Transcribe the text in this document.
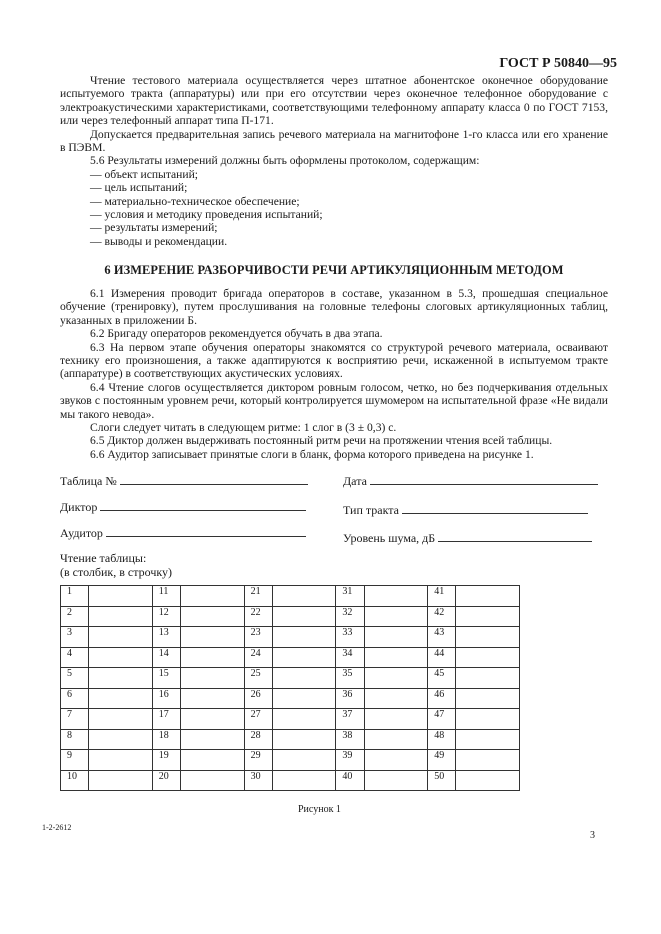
ГОСТ Р 50840—95

Чтение тестового материала осуществляется через штатное абонентское оконечное оборудование испытуемого тракта (аппаратуры) или при его отсутствии через оконечное телефонное оборудование с электроакустическими характеристиками, соответствующими телефонному аппарату класса 0 по ГОСТ 7153, или через телефонный аппарат типа П-171.

Допускается предварительная запись речевого материала на магнитофоне 1-го класса или его хранение в ПЭВМ.

5.6 Результаты измерений должны быть оформлены протоколом, содержащим:

— объект испытаний;

— цель испытаний;

— материально-техническое обеспечение;

— условия и методику проведения испытаний;

— результаты измерений;

— выводы и рекомендации.

6 ИЗМЕРЕНИЕ РАЗБОРЧИВОСТИ РЕЧИ АРТИКУЛЯЦИОННЫМ МЕТОДОМ

6.1 Измерения проводит бригада операторов в составе, указанном в 5.3, прошедшая специальное обучение (тренировку), путем прослушивания на головные телефоны слоговых артикуляционных таблиц, указанных в приложении Б.

6.2 Бригаду операторов рекомендуется обучать в два этапа.

6.3 На первом этапе обучения операторы знакомятся со структурой речевого материала, осваивают технику его произношения, а также адаптируются к восприятию речи, искаженной в испытуемом тракте (аппаратуре) в соответствующих акустических условиях.

6.4 Чтение слогов осуществляется диктором ровным голосом, четко, но без подчеркивания отдельных звуков с постоянным уровнем речи, который контролируется шумомером на испытательной фразе «Не видали мы такого невода».

Слоги следует читать в следующем ритме: 1 слог в (3 ± 0,3) с.

6.5 Диктор должен выдерживать постоянный ритм речи на протяжении чтения всей таблицы.

6.6 Аудитор записывает принятые слоги в бланк, форма которого приведена на рисунке 1.

Таблица №	Дата
Диктор	Тип тракта
Аудитор	Уровень шума, дБ
Чтение таблицы:
(в столбик, в строчку)
1		11		21		31		41	
2		12		22		32		42	
3		13		23		33		43	
4		14		24		34		44	
5		15		25		35		45	
6		16		26		36		46	
7		17		27		37		47	
8		18		28		38		48	
9		19		29		39		49	
10		20		30		40		50	
Рисунок 1
1-2-2612
3
